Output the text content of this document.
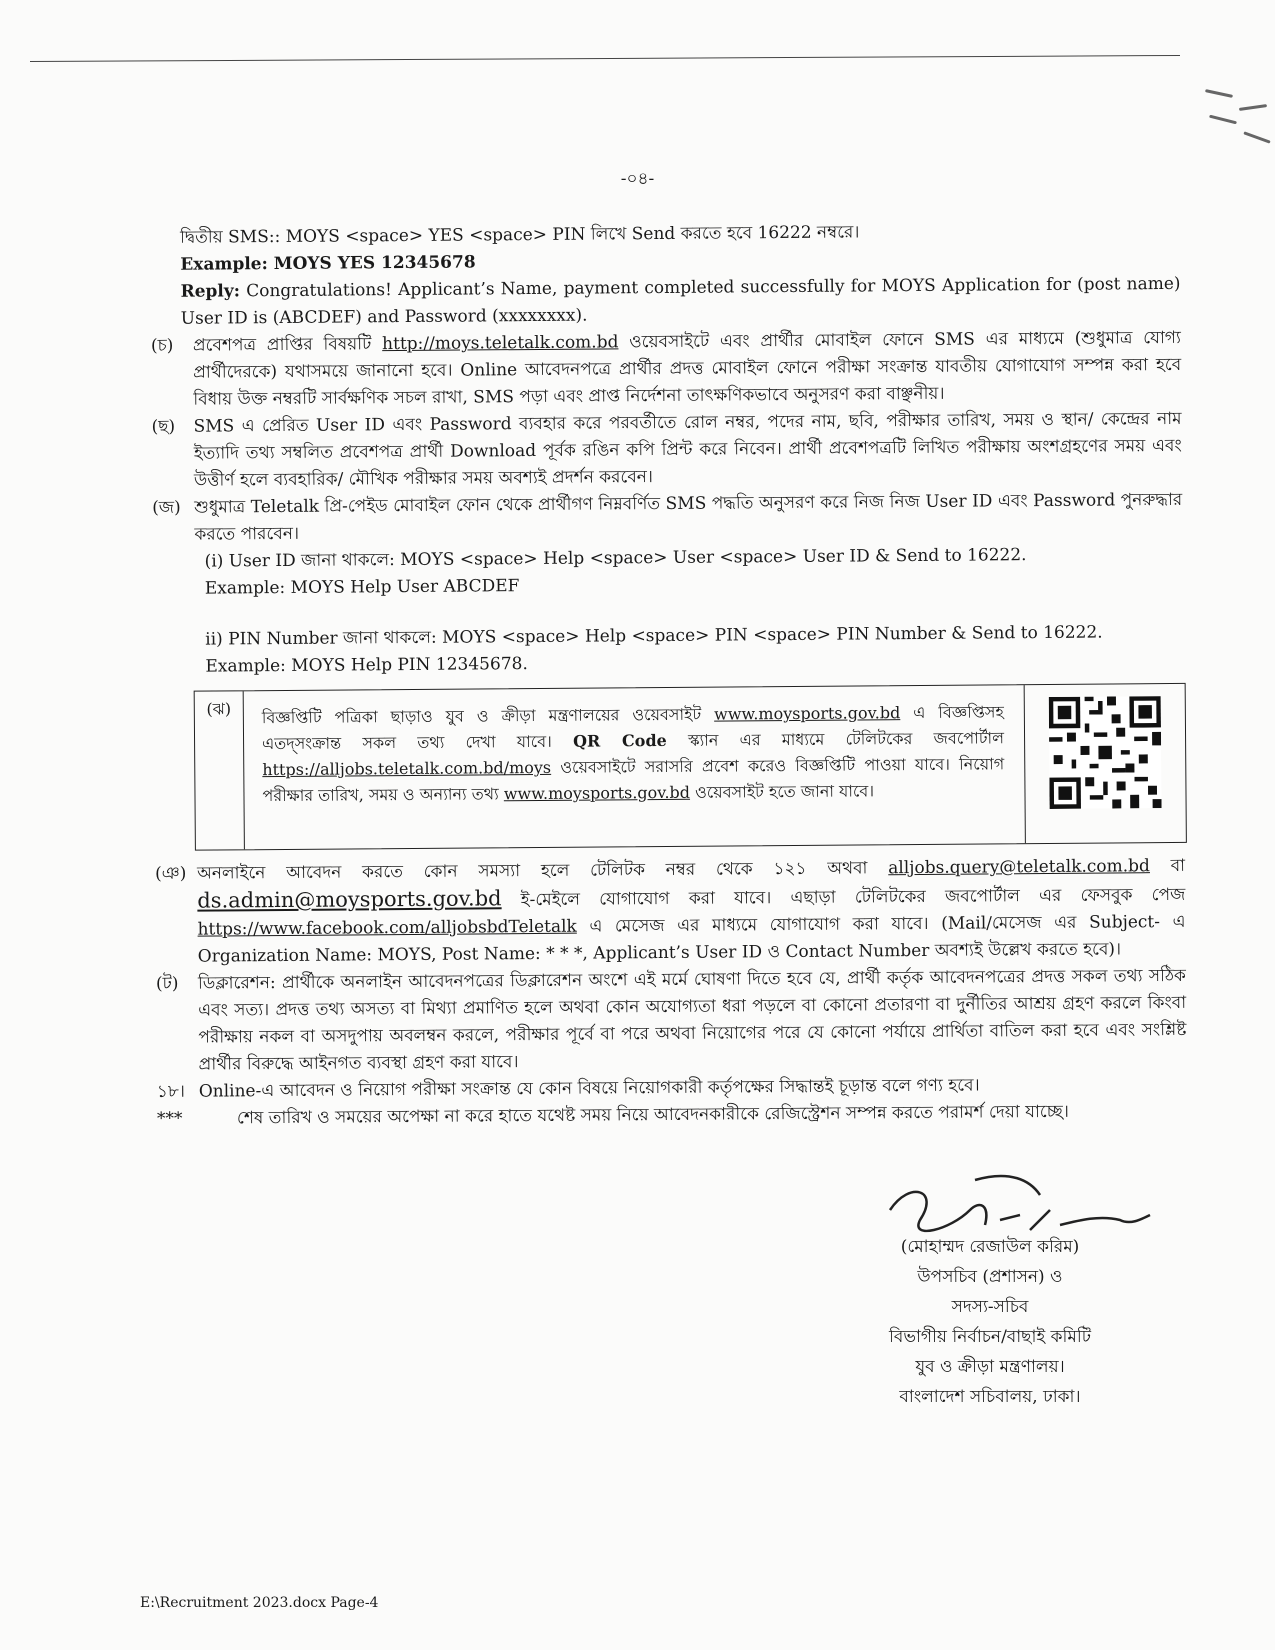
-০৪-
দ্বিতীয় SMS:: MOYS <space> YES <space> PIN লিখে Send করতে হবে 16222 নম্বরে।
Example: MOYS YES 12345678
Reply: Congratulations! Applicant’s Name, payment completed successfully for MOYS Application for (post name) User ID is (ABCDEF) and Password (xxxxxxxx).
(চ)	প্রবেশপত্র প্রাপ্তির বিষয়টি http://moys.teletalk.com.bd ওয়েবসাইটে এবং প্রার্থীর মোবাইল ফোনে SMS এর মাধ্যমে (শুধুমাত্র যোগ্য প্রার্থীদেরকে) যথাসময়ে জানানো হবে। Online আবেদনপত্রে প্রার্থীর প্রদত্ত মোবাইল ফোনে পরীক্ষা সংক্রান্ত যাবতীয় যোগাযোগ সম্পন্ন করা হবে বিধায় উক্ত নম্বরটি সার্বক্ষণিক সচল রাখা, SMS পড়া এবং প্রাপ্ত নির্দেশনা তাৎক্ষণিকভাবে অনুসরণ করা বাঞ্ছনীয়।
(ছ)	SMS এ প্রেরিত User ID এবং Password ব্যবহার করে পরবর্তীতে রোল নম্বর, পদের নাম, ছবি, পরীক্ষার তারিখ, সময় ও স্থান/ কেন্দ্রের নাম ইত্যাদি তথ্য সম্বলিত প্রবেশপত্র প্রার্থী Download পূর্বক রঙিন কপি প্রিন্ট করে নিবেন। প্রার্থী প্রবেশপত্রটি লিখিত পরীক্ষায় অংশগ্রহণের সময় এবং উত্তীর্ণ হলে ব্যবহারিক/ মৌখিক পরীক্ষার সময় অবশ্যই প্রদর্শন করবেন।
(জ) শুধুমাত্র Teletalk প্রি-পেইড মোবাইল ফোন থেকে প্রার্থীগণ নিম্নবর্ণিত SMS পদ্ধতি অনুসরণ করে নিজ নিজ User ID এবং Password পুনরুদ্ধার করতে পারবেন।
(i) User ID জানা থাকলে: MOYS <space> Help <space> User <space> User ID & Send to 16222.
Example: MOYS Help User ABCDEF
ii) PIN Number জানা থাকলে: MOYS <space> Help <space> PIN <space> PIN Number & Send to 16222.
Example: MOYS Help PIN 12345678.
(ঝ)	বিজ্ঞপ্তিটি পত্রিকা ছাড়াও যুব ও ক্রীড়া মন্ত্রণালয়ের ওয়েবসাইট www.moysports.gov.bd এ বিজ্ঞপ্তিসহ এতদ্সংক্রান্ত সকল তথ্য দেখা যাবে। QR Code স্ক্যান এর মাধ্যমে টেলিটকের জবপোর্টাল https://alljobs.teletalk.com.bd/moys ওয়েবসাইটে সরাসরি প্রবেশ করেও বিজ্ঞপ্তিটি পাওয়া যাবে। নিয়োগ পরীক্ষার তারিখ, সময় ও অন্যান্য তথ্য www.moysports.gov.bd ওয়েবসাইট হতে জানা যাবে।
(ঞ) অনলাইনে আবেদন করতে কোন সমস্যা হলে টেলিটক নম্বর থেকে ১২১ অথবা alljobs.query@teletalk.com.bd বা ds.admin@moysports.gov.bd ই-মেইলে যোগাযোগ করা যাবে। এছাড়া টেলিটকের জবপোর্টাল এর ফেসবুক পেজ https://www.facebook.com/alljobsbdTeletalk এ মেসেজ এর মাধ্যমে যোগাযোগ করা যাবে। (Mail/মেসেজ এর Subject- এ Organization Name: MOYS, Post Name: * * *, Applicant’s User ID ও Contact Number অবশ্যই উল্লেখ করতে হবে)।
(ট)	ডিক্লারেশন: প্রার্থীকে অনলাইন আবেদনপত্রের ডিক্লারেশন অংশে এই মর্মে ঘোষণা দিতে হবে যে, প্রার্থী কর্তৃক আবেদনপত্রের প্রদত্ত সকল তথ্য সঠিক এবং সত্য। প্রদত্ত তথ্য অসত্য বা মিথ্যা প্রমাণিত হলে অথবা কোন অযোগ্যতা ধরা পড়লে বা কোনো প্রতারণা বা দুর্নীতির আশ্রয় গ্রহণ করলে কিংবা পরীক্ষায় নকল বা অসদুপায় অবলম্বন করলে, পরীক্ষার পূর্বে বা পরে অথবা নিয়োগের পরে যে কোনো পর্যায়ে প্রার্থিতা বাতিল করা হবে এবং সংশ্লিষ্ট প্রার্থীর বিরুদ্ধে আইনগত ব্যবস্থা গ্রহণ করা যাবে।
১৮। Online-এ আবেদন ও নিয়োগ পরীক্ষা সংক্রান্ত যে কোন বিষয়ে নিয়োগকারী কর্তৃপক্ষের সিদ্ধান্তই চূড়ান্ত বলে গণ্য হবে।
***	শেষ তারিখ ও সময়ের অপেক্ষা না করে হাতে যথেষ্ট সময় নিয়ে আবেদনকারীকে রেজিস্ট্রেশন সম্পন্ন করতে পরামর্শ দেয়া যাচ্ছে।
(মোহাম্মদ রেজাউল করিম)
উপসচিব (প্রশাসন) ও
সদস্য-সচিব
বিভাগীয় নির্বাচন/বাছাই কমিটি
যুব ও ক্রীড়া মন্ত্রণালয়।
বাংলাদেশ সচিবালয়, ঢাকা।
E:\Recruitment 2023.docx Page-4
